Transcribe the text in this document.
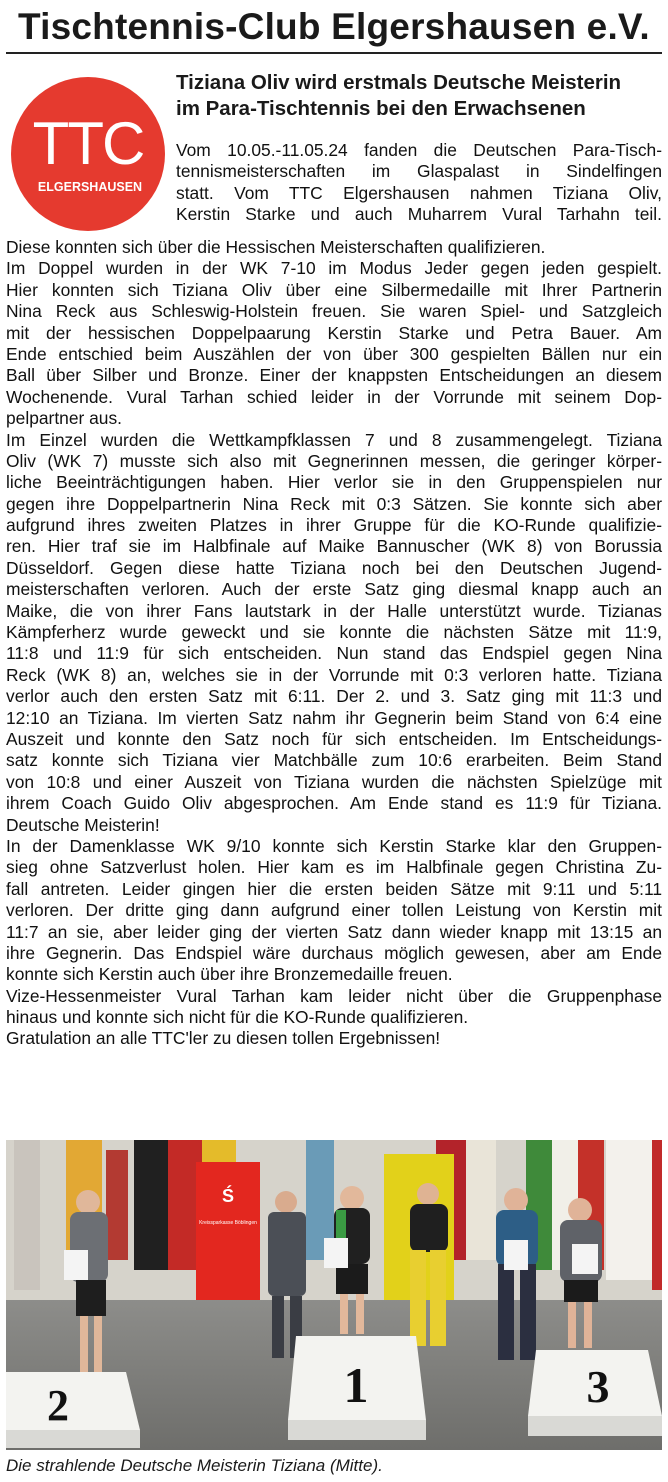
Tischtennis-Club Elgershausen e.V.
TTC
ELGERSHAUSEN
Tiziana Oliv wird erstmals Deutsche Meisterin
im Para-Tischtennis bei den Erwachsenen
Vom 10.05.-11.05.24 fanden die Deutschen Para-Tisch-
tennismeisterschaften im Glaspalast in Sindelfingen
statt. Vom TTC Elgershausen nahmen Tiziana Oliv,
Kerstin Starke und auch Muharrem Vural Tarhahn teil.
Diese konnten sich über die Hessischen Meisterschaften qualifizieren.
Im Doppel wurden in der WK 7-10 im Modus Jeder gegen jeden gespielt.
Hier konnten sich Tiziana Oliv über eine Silbermedaille mit Ihrer Partnerin
Nina Reck aus Schleswig-Holstein freuen. Sie waren Spiel- und Satzgleich
mit der hessischen Doppelpaarung Kerstin Starke und Petra Bauer. Am
Ende entschied beim Auszählen der von über 300 gespielten Bällen nur ein
Ball über Silber und Bronze. Einer der knappsten Entscheidungen an diesem
Wochenende. Vural Tarhan schied leider in der Vorrunde mit seinem Dop-
pelpartner aus.
Im Einzel wurden die Wettkampfklassen 7 und 8 zusammengelegt. Tiziana
Oliv (WK 7) musste sich also mit Gegnerinnen messen, die geringer körper-
liche Beeinträchtigungen haben. Hier verlor sie in den Gruppenspielen nur
gegen ihre Doppelpartnerin Nina Reck mit 0:3 Sätzen. Sie konnte sich aber
aufgrund ihres zweiten Platzes in ihrer Gruppe für die KO-Runde qualifizie-
ren. Hier traf sie im Halbfinale auf Maike Bannuscher (WK 8) von Borussia
Düsseldorf. Gegen diese hatte Tiziana noch bei den Deutschen Jugend-
meisterschaften verloren. Auch der erste Satz ging diesmal knapp auch an
Maike, die von ihrer Fans lautstark in der Halle unterstützt wurde. Tizianas
Kämpferherz wurde geweckt und sie konnte die nächsten Sätze mit 11:9,
11:8 und 11:9 für sich entscheiden. Nun stand das Endspiel gegen Nina
Reck (WK 8) an, welches sie in der Vorrunde mit 0:3 verloren hatte. Tiziana
verlor auch den ersten Satz mit 6:11. Der 2. und 3. Satz ging mit 11:3 und
12:10 an Tiziana. Im vierten Satz nahm ihr Gegnerin beim Stand von 6:4 eine
Auszeit und konnte den Satz noch für sich entscheiden. Im Entscheidungs-
satz konnte sich Tiziana vier Matchbälle zum 10:6 erarbeiten. Beim Stand
von 10:8 und einer Auszeit von Tiziana wurden die nächsten Spielzüge mit
ihrem Coach Guido Oliv abgesprochen. Am Ende stand es 11:9 für Tiziana.
Deutsche Meisterin!
In der Damenklasse WK 9/10 konnte sich Kerstin Starke klar den Gruppen-
sieg ohne Satzverlust holen. Hier kam es im Halbfinale gegen Christina Zu-
fall antreten. Leider gingen hier die ersten beiden Sätze mit 9:11 und 5:11
verloren. Der dritte ging dann aufgrund einer tollen Leistung von Kerstin mit
11:7 an sie, aber leider ging der vierten Satz dann wieder knapp mit 13:15 an
ihre Gegnerin. Das Endspiel wäre durchaus möglich gewesen, aber am Ende
konnte sich Kerstin auch über ihre Bronzemedaille freuen.
Vize-Hessenmeister Vural Tarhan kam leider nicht über die Gruppenphase
hinaus und konnte sich nicht für die KO-Runde qualifizieren.
Gratulation an alle TTC'ler zu diesen tollen Ergebnissen!
Ś
Kreissparkasse Böblingen
2	1	3
Die strahlende Deutsche Meisterin Tiziana (Mitte).
